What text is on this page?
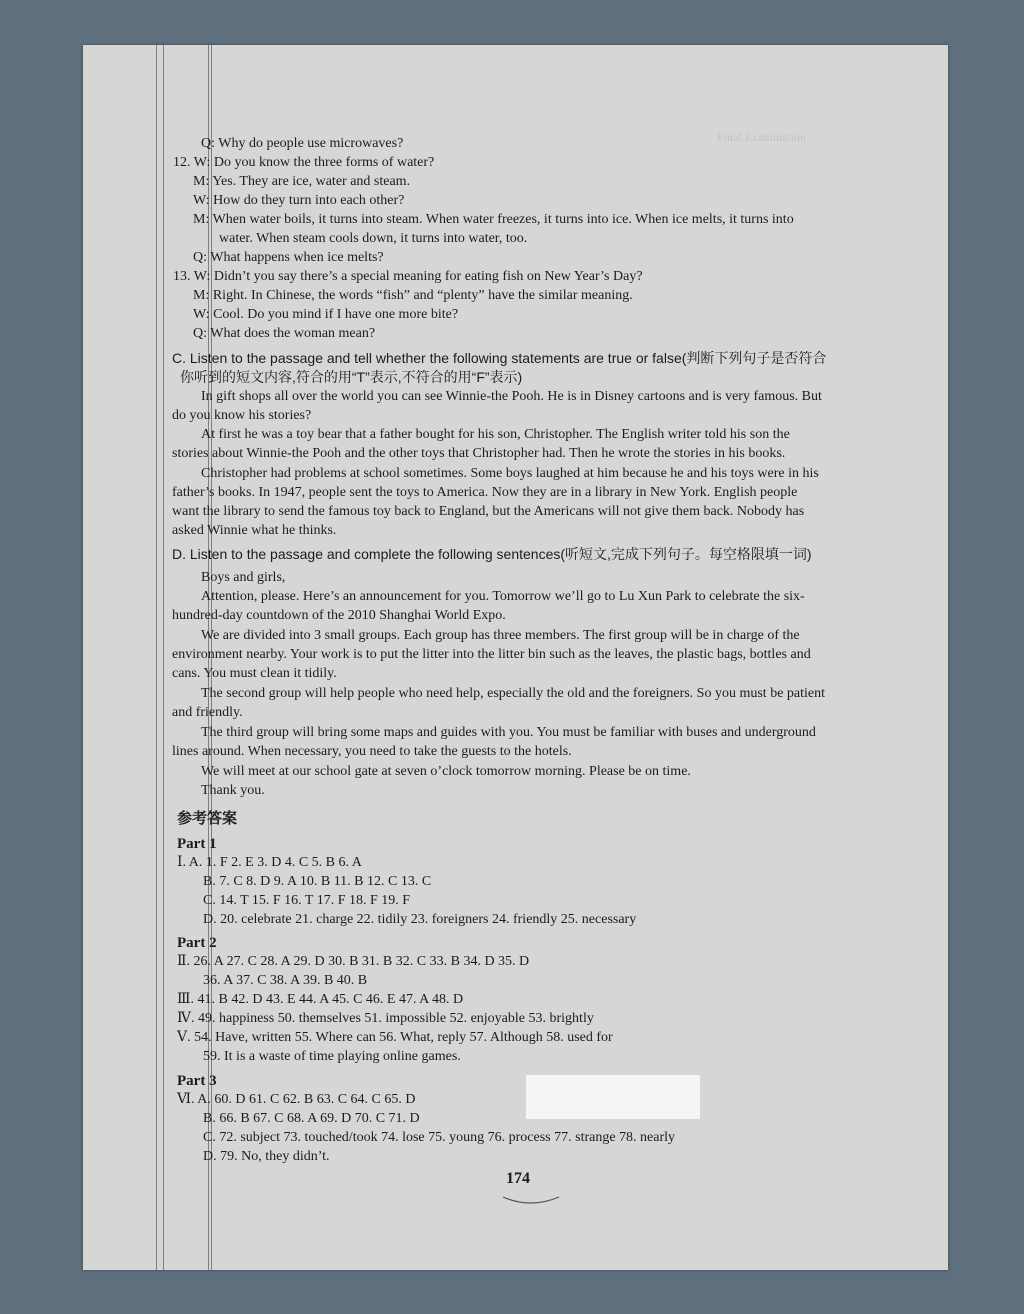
Final Examination
Q: Why do people use microwaves?
12. W: Do you know the three forms of water?
M: Yes. They are ice, water and steam.
W: How do they turn into each other?
M: When water boils, it turns into steam. When water freezes, it turns into ice. When ice melts, it turns into
water. When steam cools down, it turns into water, too.
Q: What happens when ice melts?
13. W: Didn’t you say there’s a special meaning for eating fish on New Year’s Day?
M: Right. In Chinese, the words “fish” and “plenty” have the similar meaning.
W: Cool. Do you mind if I have one more bite?
Q: What does the woman mean?
C. Listen to the passage and tell whether the following statements are true or false(判断下列句子是否符合
你听到的短文内容,符合的用“T”表示,不符合的用“F”表示)
In gift shops all over the world you can see Winnie-the Pooh. He is in Disney cartoons and is very famous. But
do you know his stories?
At first he was a toy bear that a father bought for his son, Christopher. The English writer told his son the
stories about Winnie-the Pooh and the other toys that Christopher had. Then he wrote the stories in his books.
Christopher had problems at school sometimes. Some boys laughed at him because he and his toys were in his
father’s books. In 1947, people sent the toys to America. Now they are in a library in New York. English people
want the library to send the famous toy back to England, but the Americans will not give them back. Nobody has
asked Winnie what he thinks.
D. Listen to the passage and complete the following sentences(听短文,完成下列句子。每空格限填一词)
Boys and girls,
Attention, please. Here’s an announcement for you. Tomorrow we’ll go to Lu Xun Park to celebrate the six-
hundred-day countdown of the 2010 Shanghai World Expo.
We are divided into 3 small groups. Each group has three members. The first group will be in charge of the
environment nearby. Your work is to put the litter into the litter bin such as the leaves, the plastic bags, bottles and
cans. You must clean it tidily.
The second group will help people who need help, especially the old and the foreigners. So you must be patient
and friendly.
The third group will bring some maps and guides with you. You must be familiar with buses and underground
lines around. When necessary, you need to take the guests to the hotels.
We will meet at our school gate at seven o’clock tomorrow morning. Please be on time.
Thank you.
参考答案
Part 1
Ⅰ. A. 1. F 2. E 3. D 4. C 5. B 6. A
B. 7. C 8. D 9. A 10. B 11. B 12. C 13. C
C. 14. T 15. F 16. T 17. F 18. F 19. F
D. 20. celebrate 21. charge 22. tidily 23. foreigners 24. friendly 25. necessary
Part 2
Ⅱ. 26. A 27. C 28. A 29. D 30. B 31. B 32. C 33. B 34. D 35. D
36. A 37. C 38. A 39. B 40. B
Ⅲ. 41. B 42. D 43. E 44. A 45. C 46. E 47. A 48. D
Ⅳ. 49. happiness 50. themselves 51. impossible 52. enjoyable 53. brightly
Ⅴ. 54. Have, written 55. Where can 56. What, reply 57. Although 58. used for
59. It is a waste of time playing online games.
Part 3
Ⅵ. A. 60. D 61. C 62. B 63. C 64. C 65. D
B. 66. B 67. C 68. A 69. D 70. C 71. D
C. 72. subject 73. touched/took 74. lose 75. young 76. process 77. strange 78. nearly
D. 79. No, they didn’t.
174
